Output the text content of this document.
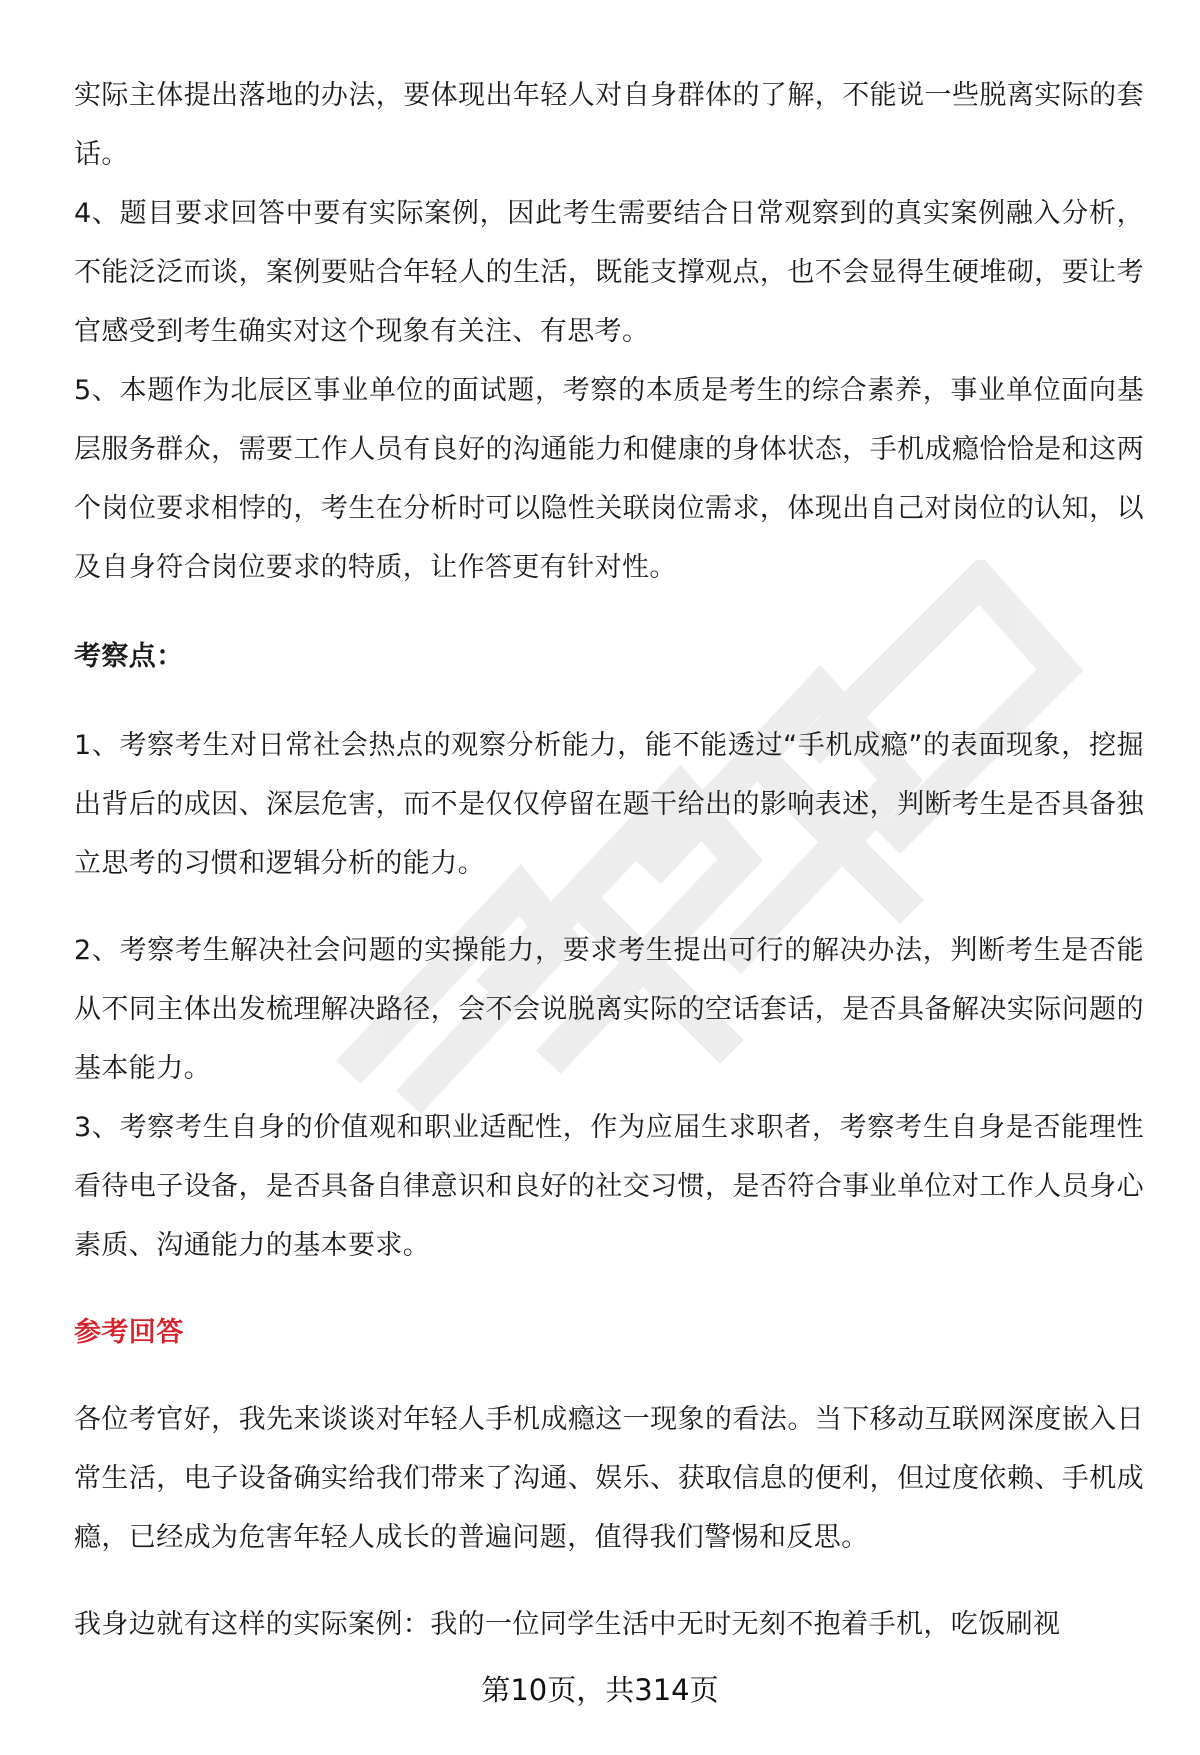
实际主体提出落地的办法，要体现出年轻人对自身群体的了解，不能说一些脱离实际的套话。

4、题目要求回答中要有实际案例，因此考生需要结合日常观察到的真实案例融入分析，不能泛泛而谈，案例要贴合年轻人的生活，既能支撑观点，也不会显得生硬堆砌，要让考官感受到考生确实对这个现象有关注、有思考。

5、本题作为北辰区事业单位的面试题，考察的本质是考生的综合素养，事业单位面向基层服务群众，需要工作人员有良好的沟通能力和健康的身体状态，手机成瘾恰恰是和这两个岗位要求相悖的，考生在分析时可以隐性关联岗位需求，体现出自己对岗位的认知，以及自身符合岗位要求的特质，让作答更有针对性。

考察点：

1、考察考生对日常社会热点的观察分析能力，能不能透过“手机成瘾”的表面现象，挖掘出背后的成因、深层危害，而不是仅仅停留在题干给出的影响表述，判断考生是否具备独立思考的习惯和逻辑分析的能力。

2、考察考生解决社会问题的实操能力，要求考生提出可行的解决办法，判断考生是否能从不同主体出发梳理解决路径，会不会说脱离实际的空话套话，是否具备解决实际问题的基本能力。

3、考察考生自身的价值观和职业适配性，作为应届生求职者，考察考生自身是否能理性看待电子设备，是否具备自律意识和良好的社交习惯，是否符合事业单位对工作人员身心素质、沟通能力的基本要求。

参考回答

各位考官好，我先来谈谈对年轻人手机成瘾这一现象的看法。当下移动互联网深度嵌入日常生活，电子设备确实给我们带来了沟通、娱乐、获取信息的便利，但过度依赖、手机成瘾，已经成为危害年轻人成长的普遍问题，值得我们警惕和反思。

我身边就有这样的实际案例：我的一位同学生活中无时无刻不抱着手机，吃饭刷视

第10页，共314页
